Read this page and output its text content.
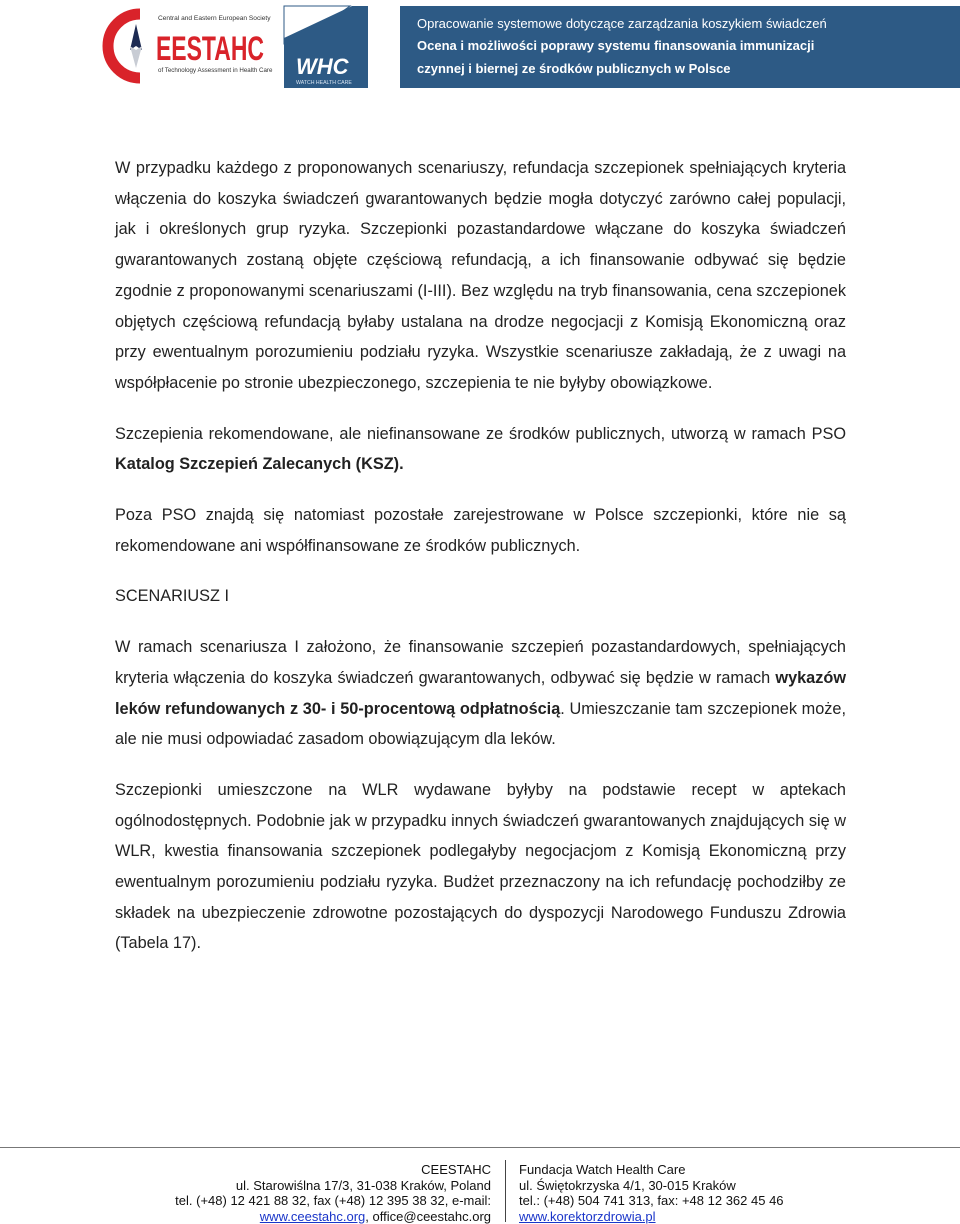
Central and Eastern European Society
EESTAHC
of Technology Assessment in Health Care WHC
WATCH HEALTH CARE
Opracowanie systemowe dotyczące zarządzania koszykiem świadczeń
Ocena i możliwości poprawy systemu finansowania immunizacji
czynnej i biernej ze środków publicznych w Polsce

W przypadku każdego z proponowanych scenariuszy, refundacja szczepionek spełniających kryteria włączenia do koszyka świadczeń gwarantowanych będzie mogła dotyczyć zarówno całej populacji, jak i określonych grup ryzyka. Szczepionki pozastandardowe włączane do koszyka świadczeń gwarantowanych zostaną objęte częściową refundacją, a ich finansowanie odbywać się będzie zgodnie z proponowanymi scenariuszami (I-III). Bez względu na tryb finansowania, cena szczepionek objętych częściową refundacją byłaby ustalana na drodze negocjacji z Komisją Ekonomiczną oraz przy ewentualnym porozumieniu podziału ryzyka. Wszystkie scenariusze zakładają, że z uwagi na współpłacenie po stronie ubezpieczonego, szczepienia te nie byłyby obowiązkowe.

Szczepienia rekomendowane, ale niefinansowane ze środków publicznych, utworzą w ramach PSO Katalog Szczepień Zalecanych (KSZ).

Poza PSO znajdą się natomiast pozostałe zarejestrowane w Polsce szczepionki, które nie są rekomendowane ani współfinansowane ze środków publicznych.

SCENARIUSZ I

W ramach scenariusza I założono, że finansowanie szczepień pozastandardowych, spełniających kryteria włączenia do koszyka świadczeń gwarantowanych, odbywać się będzie w ramach wykazów leków refundowanych z 30- i 50-procentową odpłatnością. Umieszczanie tam szczepionek może, ale nie musi odpowiadać zasadom obowiązującym dla leków.

Szczepionki umieszczone na WLR wydawane byłyby na podstawie recept w aptekach ogólnodostępnych. Podobnie jak w przypadku innych świadczeń gwarantowanych znajdujących się w WLR, kwestia finansowania szczepionek podlegałyby negocjacjom z Komisją Ekonomiczną przy ewentualnym porozumieniu podziału ryzyka. Budżet przeznaczony na ich refundację pochodziłby ze składek na ubezpieczenie zdrowotne pozostających do dyspozycji Narodowego Funduszu Zdrowia (Tabela 17).

CEESTAHC
ul. Starowiślna 17/3, 31-038 Kraków, Poland
tel. (+48) 12 421 88 32, fax (+48) 12 395 38 32, e-mail:
www.ceestahc.org, office@ceestahc.org
Fundacja Watch Health Care
ul. Świętokrzyska 4/1, 30-015 Kraków
tel.: (+48) 504 741 313, fax: +48 12 362 45 46
www.korektorzdrowia.pl
